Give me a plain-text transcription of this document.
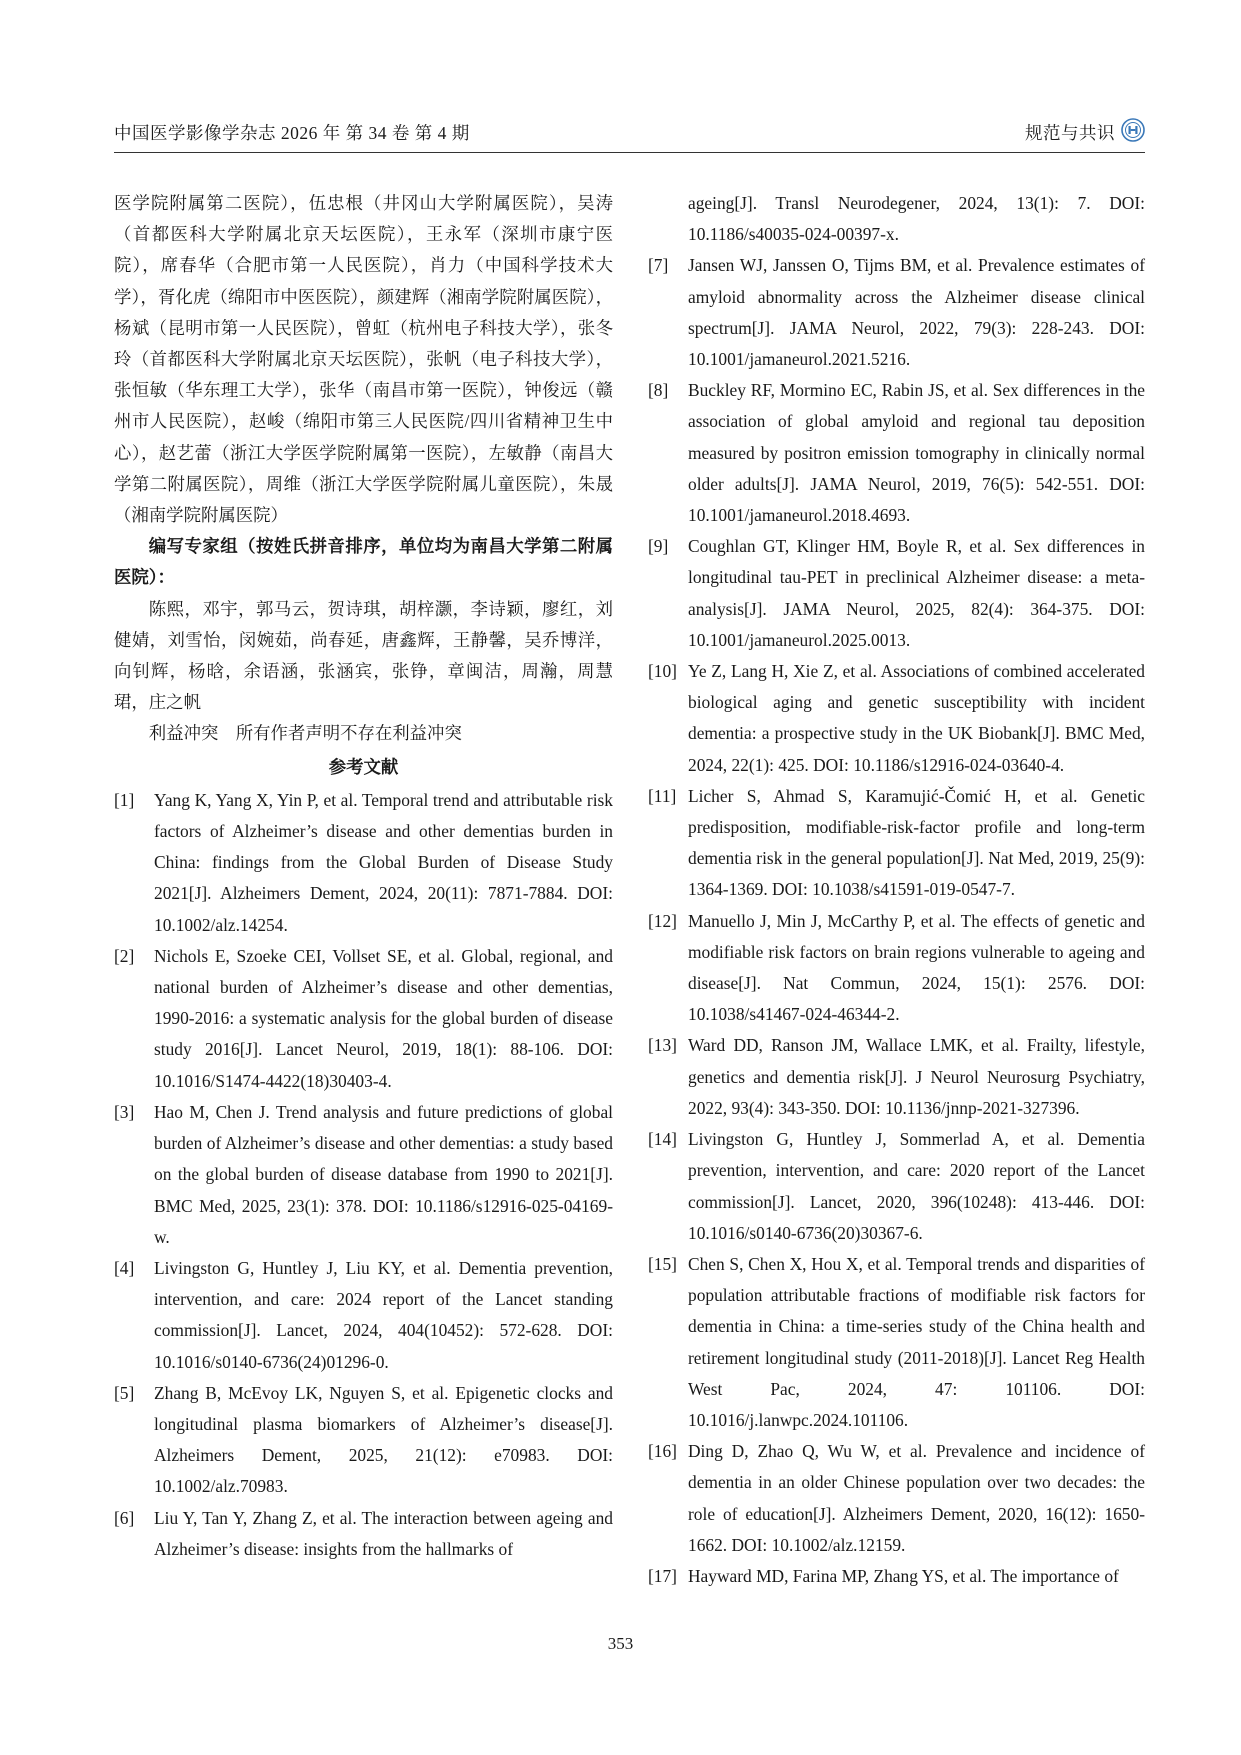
中国医学影像学杂志 2026 年 第 34 卷 第 4 期	规范与共识
医学院附属第二医院），伍忠根（井冈山大学附属医院），吴涛（首都医科大学附属北京天坛医院），王永军（深圳市康宁医院），席春华（合肥市第一人民医院），肖力（中国科学技术大学），胥化虎（绵阳市中医医院），颜建辉（湘南学院附属医院），杨斌（昆明市第一人民医院），曾虹（杭州电子科技大学），张冬玲（首都医科大学附属北京天坛医院），张帆（电子科技大学），张恒敏（华东理工大学），张华（南昌市第一医院），钟俊远（赣州市人民医院），赵峻（绵阳市第三人民医院/四川省精神卫生中心），赵艺蕾（浙江大学医学院附属第一医院），左敏静（南昌大学第二附属医院），周维（浙江大学医学院附属儿童医院），朱晟（湘南学院附属医院）
编写专家组（按姓氏拼音排序，单位均为南昌大学第二附属医院）：
陈熙，邓宇，郭马云，贺诗琪，胡梓灏，李诗颖，廖红，刘健婧，刘雪怡，闵婉茹，尚春延，唐鑫辉，王静馨，吴乔博洋，向钊辉，杨晗，余语涵，张涵宾，张铮，章闽洁，周瀚，周慧珺，庄之帆
利益冲突　所有作者声明不存在利益冲突
参考文献
[1] Yang K, Yang X, Yin P, et al. Temporal trend and attributable risk factors of Alzheimer’s disease and other dementias burden in China: findings from the Global Burden of Disease Study 2021[J]. Alzheimers Dement, 2024, 20(11): 7871-7884. DOI: 10.1002/alz.14254.
[2] Nichols E, Szoeke CEI, Vollset SE, et al. Global, regional, and national burden of Alzheimer’s disease and other dementias, 1990-2016: a systematic analysis for the global burden of disease study 2016[J]. Lancet Neurol, 2019, 18(1): 88-106. DOI: 10.1016/S1474-4422(18)30403-4.
[3] Hao M, Chen J. Trend analysis and future predictions of global burden of Alzheimer’s disease and other dementias: a study based on the global burden of disease database from 1990 to 2021[J]. BMC Med, 2025, 23(1): 378. DOI: 10.1186/s12916-025-04169-w.
[4] Livingston G, Huntley J, Liu KY, et al. Dementia prevention, intervention, and care: 2024 report of the Lancet standing commission[J]. Lancet, 2024, 404(10452): 572-628. DOI: 10.1016/s0140-6736(24)01296-0.
[5] Zhang B, McEvoy LK, Nguyen S, et al. Epigenetic clocks and longitudinal plasma biomarkers of Alzheimer’s disease[J]. Alzheimers Dement, 2025, 21(12): e70983. DOI: 10.1002/alz.70983.
[6] Liu Y, Tan Y, Zhang Z, et al. The interaction between ageing and Alzheimer’s disease: insights from the hallmarks of
ageing[J]. Transl Neurodegener, 2024, 13(1): 7. DOI: 10.1186/s40035-024-00397-x.
[7] Jansen WJ, Janssen O, Tijms BM, et al. Prevalence estimates of amyloid abnormality across the Alzheimer disease clinical spectrum[J]. JAMA Neurol, 2022, 79(3): 228-243. DOI: 10.1001/jamaneurol.2021.5216.
[8] Buckley RF, Mormino EC, Rabin JS, et al. Sex differences in the association of global amyloid and regional tau deposition measured by positron emission tomography in clinically normal older adults[J]. JAMA Neurol, 2019, 76(5): 542-551. DOI: 10.1001/jamaneurol.2018.4693.
[9] Coughlan GT, Klinger HM, Boyle R, et al. Sex differences in longitudinal tau-PET in preclinical Alzheimer disease: a meta-analysis[J]. JAMA Neurol, 2025, 82(4): 364-375. DOI: 10.1001/jamaneurol.2025.0013.
[10] Ye Z, Lang H, Xie Z, et al. Associations of combined accelerated biological aging and genetic susceptibility with incident dementia: a prospective study in the UK Biobank[J]. BMC Med, 2024, 22(1): 425. DOI: 10.1186/s12916-024-03640-4.
[11] Licher S, Ahmad S, Karamujić-Čomić H, et al. Genetic predisposition, modifiable-risk-factor profile and long-term dementia risk in the general population[J]. Nat Med, 2019, 25(9): 1364-1369. DOI: 10.1038/s41591-019-0547-7.
[12] Manuello J, Min J, McCarthy P, et al. The effects of genetic and modifiable risk factors on brain regions vulnerable to ageing and disease[J]. Nat Commun, 2024, 15(1): 2576. DOI: 10.1038/s41467-024-46344-2.
[13] Ward DD, Ranson JM, Wallace LMK, et al. Frailty, lifestyle, genetics and dementia risk[J]. J Neurol Neurosurg Psychiatry, 2022, 93(4): 343-350. DOI: 10.1136/jnnp-2021-327396.
[14] Livingston G, Huntley J, Sommerlad A, et al. Dementia prevention, intervention, and care: 2020 report of the Lancet commission[J]. Lancet, 2020, 396(10248): 413-446. DOI: 10.1016/s0140-6736(20)30367-6.
[15] Chen S, Chen X, Hou X, et al. Temporal trends and disparities of population attributable fractions of modifiable risk factors for dementia in China: a time-series study of the China health and retirement longitudinal study (2011-2018)[J]. Lancet Reg Health West Pac, 2024, 47: 101106. DOI: 10.1016/j.lanwpc.2024.101106.
[16] Ding D, Zhao Q, Wu W, et al. Prevalence and incidence of dementia in an older Chinese population over two decades: the role of education[J]. Alzheimers Dement, 2020, 16(12): 1650-1662. DOI: 10.1002/alz.12159.
[17] Hayward MD, Farina MP, Zhang YS, et al. The importance of
353
